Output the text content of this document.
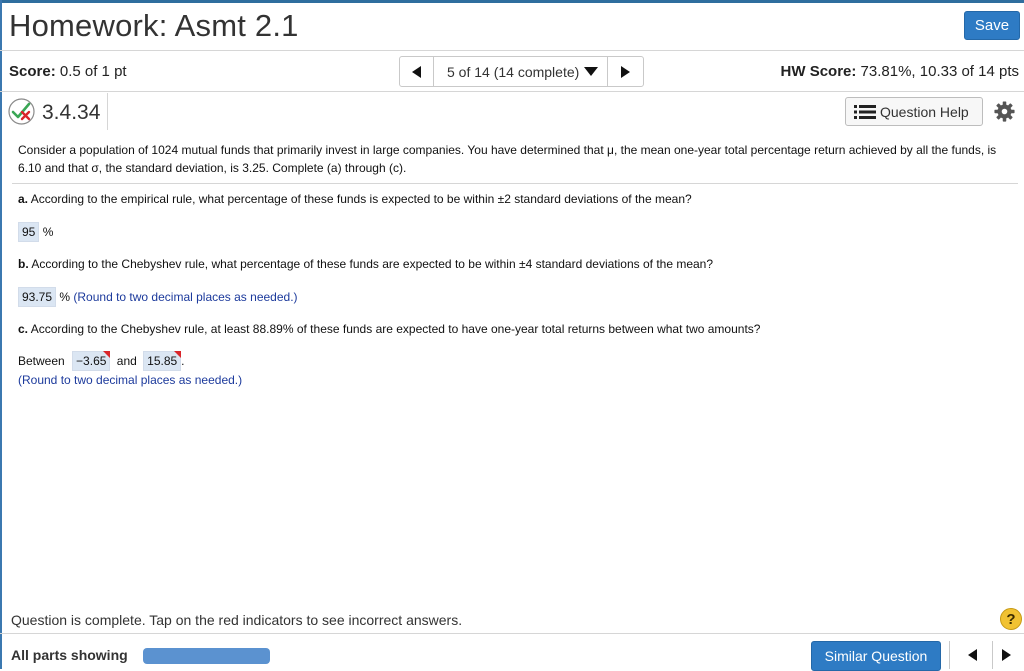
Homework: Asmt 2.1	Save
Score: 0.5 of 1 pt	5 of 14 (14 complete)	HW Score: 73.81%, 10.33 of 14 pts
3.4.34	Question Help
Consider a population of 1024 mutual funds that primarily invest in large companies. You have determined that μ, the mean one-year total percentage return achieved by all the funds, is 6.10 and that σ, the standard deviation, is 3.25. Complete (a) through (c).
a. According to the empirical rule, what percentage of these funds is expected to be within ±2 standard deviations of the mean?
95 %
b. According to the Chebyshev rule, what percentage of these funds are expected to be within ±4 standard deviations of the mean?
93.75 % (Round to two decimal places as needed.)
c. According to the Chebyshev rule, at least 88.89% of these funds are expected to have one-year total returns between what two amounts?
Between −3.65 and 15.85 .
(Round to two decimal places as needed.)
Question is complete. Tap on the red indicators to see incorrect answers.	?
All parts showing	Similar Question
